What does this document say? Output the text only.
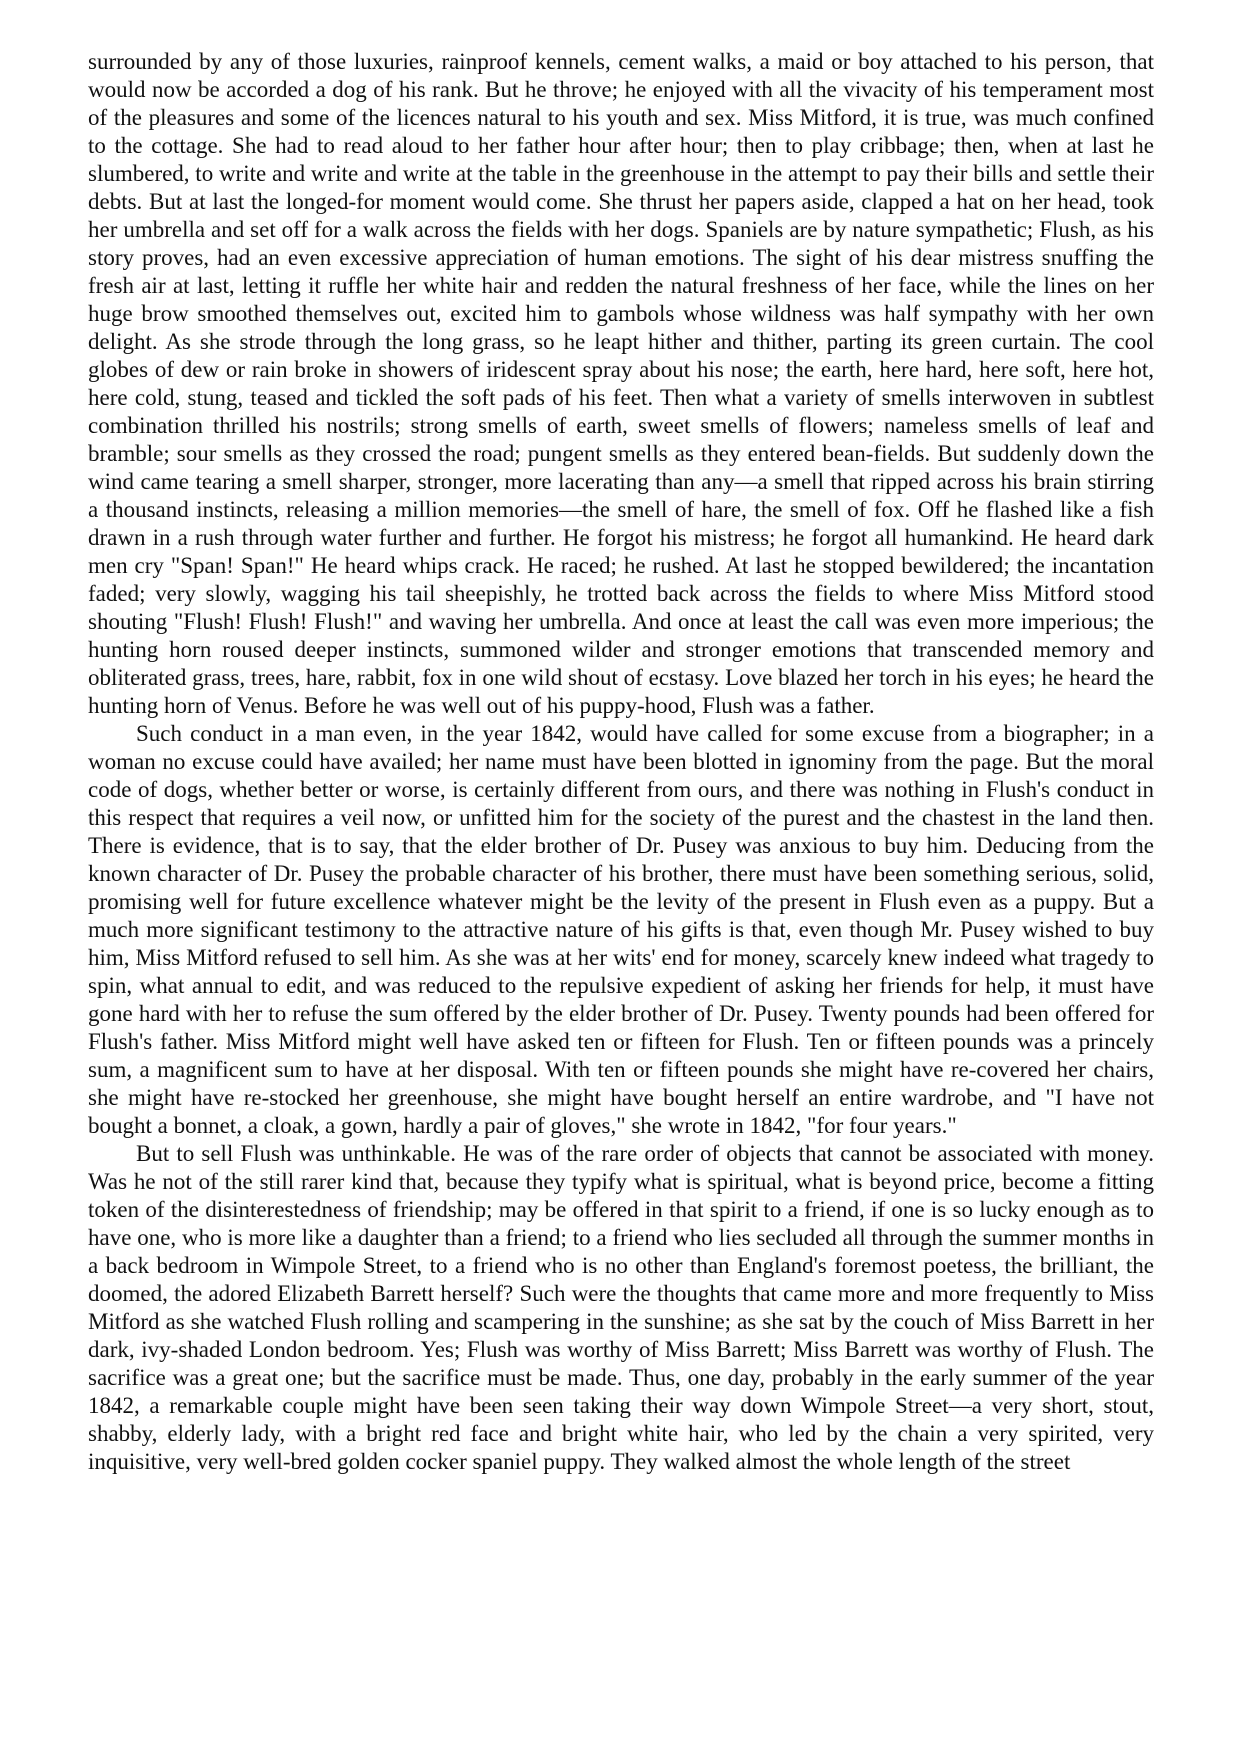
surrounded by any of those luxuries, rainproof kennels, cement walks, a maid or boy attached to his person, that would now be accorded a dog of his rank. But he throve; he enjoyed with all the vivacity of his temperament most of the pleasures and some of the licences natural to his youth and sex. Miss Mitford, it is true, was much confined to the cottage. She had to read aloud to her father hour after hour; then to play cribbage; then, when at last he slumbered, to write and write and write at the table in the greenhouse in the attempt to pay their bills and settle their debts. But at last the longed-for moment would come. She thrust her papers aside, clapped a hat on her head, took her umbrella and set off for a walk across the fields with her dogs. Spaniels are by nature sympathetic; Flush, as his story proves, had an even excessive appreciation of human emotions. The sight of his dear mistress snuffing the fresh air at last, letting it ruffle her white hair and redden the natural freshness of her face, while the lines on her huge brow smoothed themselves out, excited him to gambols whose wildness was half sympathy with her own delight. As she strode through the long grass, so he leapt hither and thither, parting its green curtain. The cool globes of dew or rain broke in showers of iridescent spray about his nose; the earth, here hard, here soft, here hot, here cold, stung, teased and tickled the soft pads of his feet. Then what a variety of smells interwoven in subtlest combination thrilled his nostrils; strong smells of earth, sweet smells of flowers; nameless smells of leaf and bramble; sour smells as they crossed the road; pungent smells as they entered bean-fields. But suddenly down the wind came tearing a smell sharper, stronger, more lacerating than any—a smell that ripped across his brain stirring a thousand instincts, releasing a million memories—the smell of hare, the smell of fox. Off he flashed like a fish drawn in a rush through water further and further. He forgot his mistress; he forgot all humankind. He heard dark men cry "Span! Span!" He heard whips crack. He raced; he rushed. At last he stopped bewildered; the incantation faded; very slowly, wagging his tail sheepishly, he trotted back across the fields to where Miss Mitford stood shouting "Flush! Flush! Flush!" and waving her umbrella. And once at least the call was even more imperious; the hunting horn roused deeper instincts, summoned wilder and stronger emotions that transcended memory and obliterated grass, trees, hare, rabbit, fox in one wild shout of ecstasy. Love blazed her torch in his eyes; he heard the hunting horn of Venus. Before he was well out of his puppy-hood, Flush was a father.

Such conduct in a man even, in the year 1842, would have called for some excuse from a biographer; in a woman no excuse could have availed; her name must have been blotted in ignominy from the page. But the moral code of dogs, whether better or worse, is certainly different from ours, and there was nothing in Flush's conduct in this respect that requires a veil now, or unfitted him for the society of the purest and the chastest in the land then. There is evidence, that is to say, that the elder brother of Dr. Pusey was anxious to buy him. Deducing from the known character of Dr. Pusey the probable character of his brother, there must have been something serious, solid, promising well for future excellence whatever might be the levity of the present in Flush even as a puppy. But a much more significant testimony to the attractive nature of his gifts is that, even though Mr. Pusey wished to buy him, Miss Mitford refused to sell him. As she was at her wits' end for money, scarcely knew indeed what tragedy to spin, what annual to edit, and was reduced to the repulsive expedient of asking her friends for help, it must have gone hard with her to refuse the sum offered by the elder brother of Dr. Pusey. Twenty pounds had been offered for Flush's father. Miss Mitford might well have asked ten or fifteen for Flush. Ten or fifteen pounds was a princely sum, a magnificent sum to have at her disposal. With ten or fifteen pounds she might have re-covered her chairs, she might have re-stocked her greenhouse, she might have bought herself an entire wardrobe, and "I have not bought a bonnet, a cloak, a gown, hardly a pair of gloves," she wrote in 1842, "for four years."

But to sell Flush was unthinkable. He was of the rare order of objects that cannot be associated with money. Was he not of the still rarer kind that, because they typify what is spiritual, what is beyond price, become a fitting token of the disinterestedness of friendship; may be offered in that spirit to a friend, if one is so lucky enough as to have one, who is more like a daughter than a friend; to a friend who lies secluded all through the summer months in a back bedroom in Wimpole Street, to a friend who is no other than England's foremost poetess, the brilliant, the doomed, the adored Elizabeth Barrett herself? Such were the thoughts that came more and more frequently to Miss Mitford as she watched Flush rolling and scampering in the sunshine; as she sat by the couch of Miss Barrett in her dark, ivy-shaded London bedroom. Yes; Flush was worthy of Miss Barrett; Miss Barrett was worthy of Flush. The sacrifice was a great one; but the sacrifice must be made. Thus, one day, probably in the early summer of the year 1842, a remarkable couple might have been seen taking their way down Wimpole Street—a very short, stout, shabby, elderly lady, with a bright red face and bright white hair, who led by the chain a very spirited, very inquisitive, very well-bred golden cocker spaniel puppy. They walked almost the whole length of the street
